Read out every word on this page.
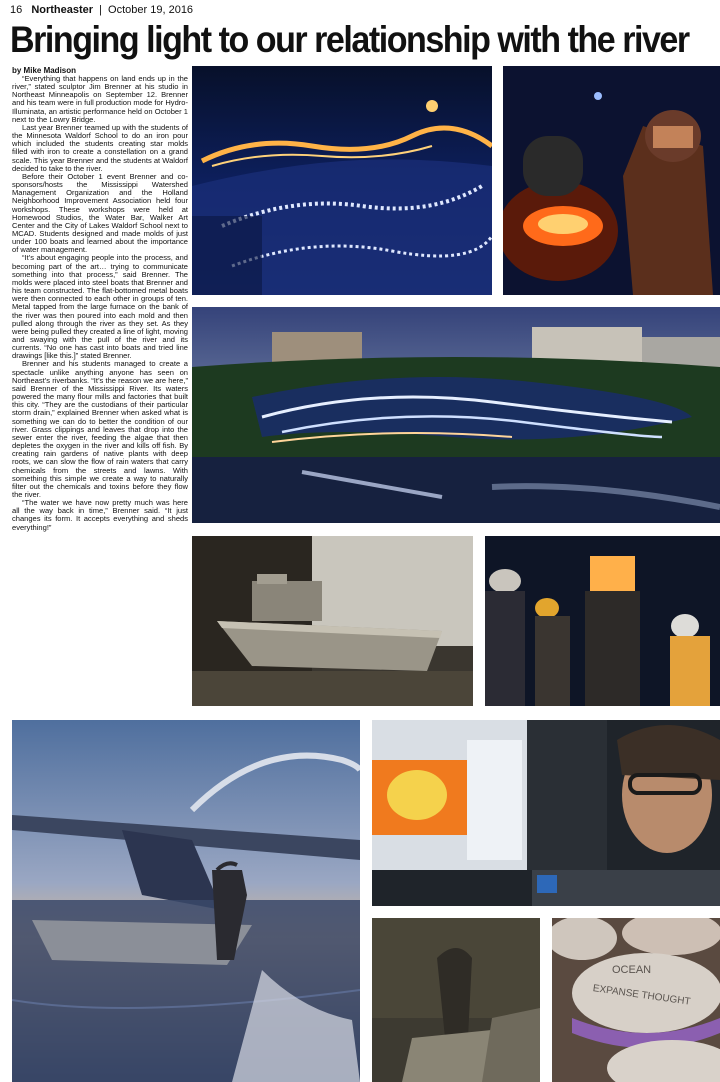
16 Northeaster | October 19, 2016
Bringing light to our relationship with the river
by Mike Madison

“Everything that happens on land ends up in the river,” stated sculptor Jim Brenner at his studio in Northeast Minneapolis on September 12. Brenner and his team were in full production mode for Hydro-Illuminata, an artistic performance held on October 1 next to the Lowry Bridge.

Last year Brenner teamed up with the students of the Minnesota Waldorf School to do an iron pour which included the students creating star molds filled with iron to create a constellation on a grand scale. This year Brenner and the students at Waldorf decided to take to the river.

Before their October 1 event Brenner and co-sponsors/hosts the Mississippi Watershed Management Organization and the Holland Neighborhood Improvement Association held four workshops. These workshops were held at Homewood Studios, the Water Bar, Walker Art Center and the City of Lakes Waldorf School next to MCAD. Students designed and made molds of just under 100 boats and learned about the importance of water management.

“It’s about engaging people into the process, and becoming part of the art… trying to communicate something into that process,” said Brenner. The molds were placed into steel boats that Brenner and his team constructed. The flat-bottomed metal boats were then connected to each other in groups of ten. Metal tapped from the large furnace on the bank of the river was then poured into each mold and then pulled along through the river as they set. As they were being pulled they created a line of light, moving and swaying with the pull of the river and its currents. “No one has cast into boats and tried line drawings [like this.]” stated Brenner.

Brenner and his students managed to create a spectacle unlike anything anyone has seen on Northeast’s riverbanks. “It’s the reason we are here,” said Brenner of the Mississippi River. Its waters powered the many flour mills and factories that built this city. “They are the custodians of their particular storm drain,” explained Brenner when asked what is something we can do to better the condition of our river. Grass clippings and leaves that drop into the sewer enter the river, feeding the algae that then depletes the oxygen in the river and kills off fish. By creating rain gardens of native plants with deep roots, we can slow the flow of rain waters that carry chemicals from the streets and lawns. With something this simple we create a way to naturally filter out the chemicals and toxins before they flow the river.

“The water we have now pretty much was here all the way back in time,” Brenner said. “It just changes its form. It accepts everything and sheds everything!”

OCEAN
EXPANSE THOUGHT
